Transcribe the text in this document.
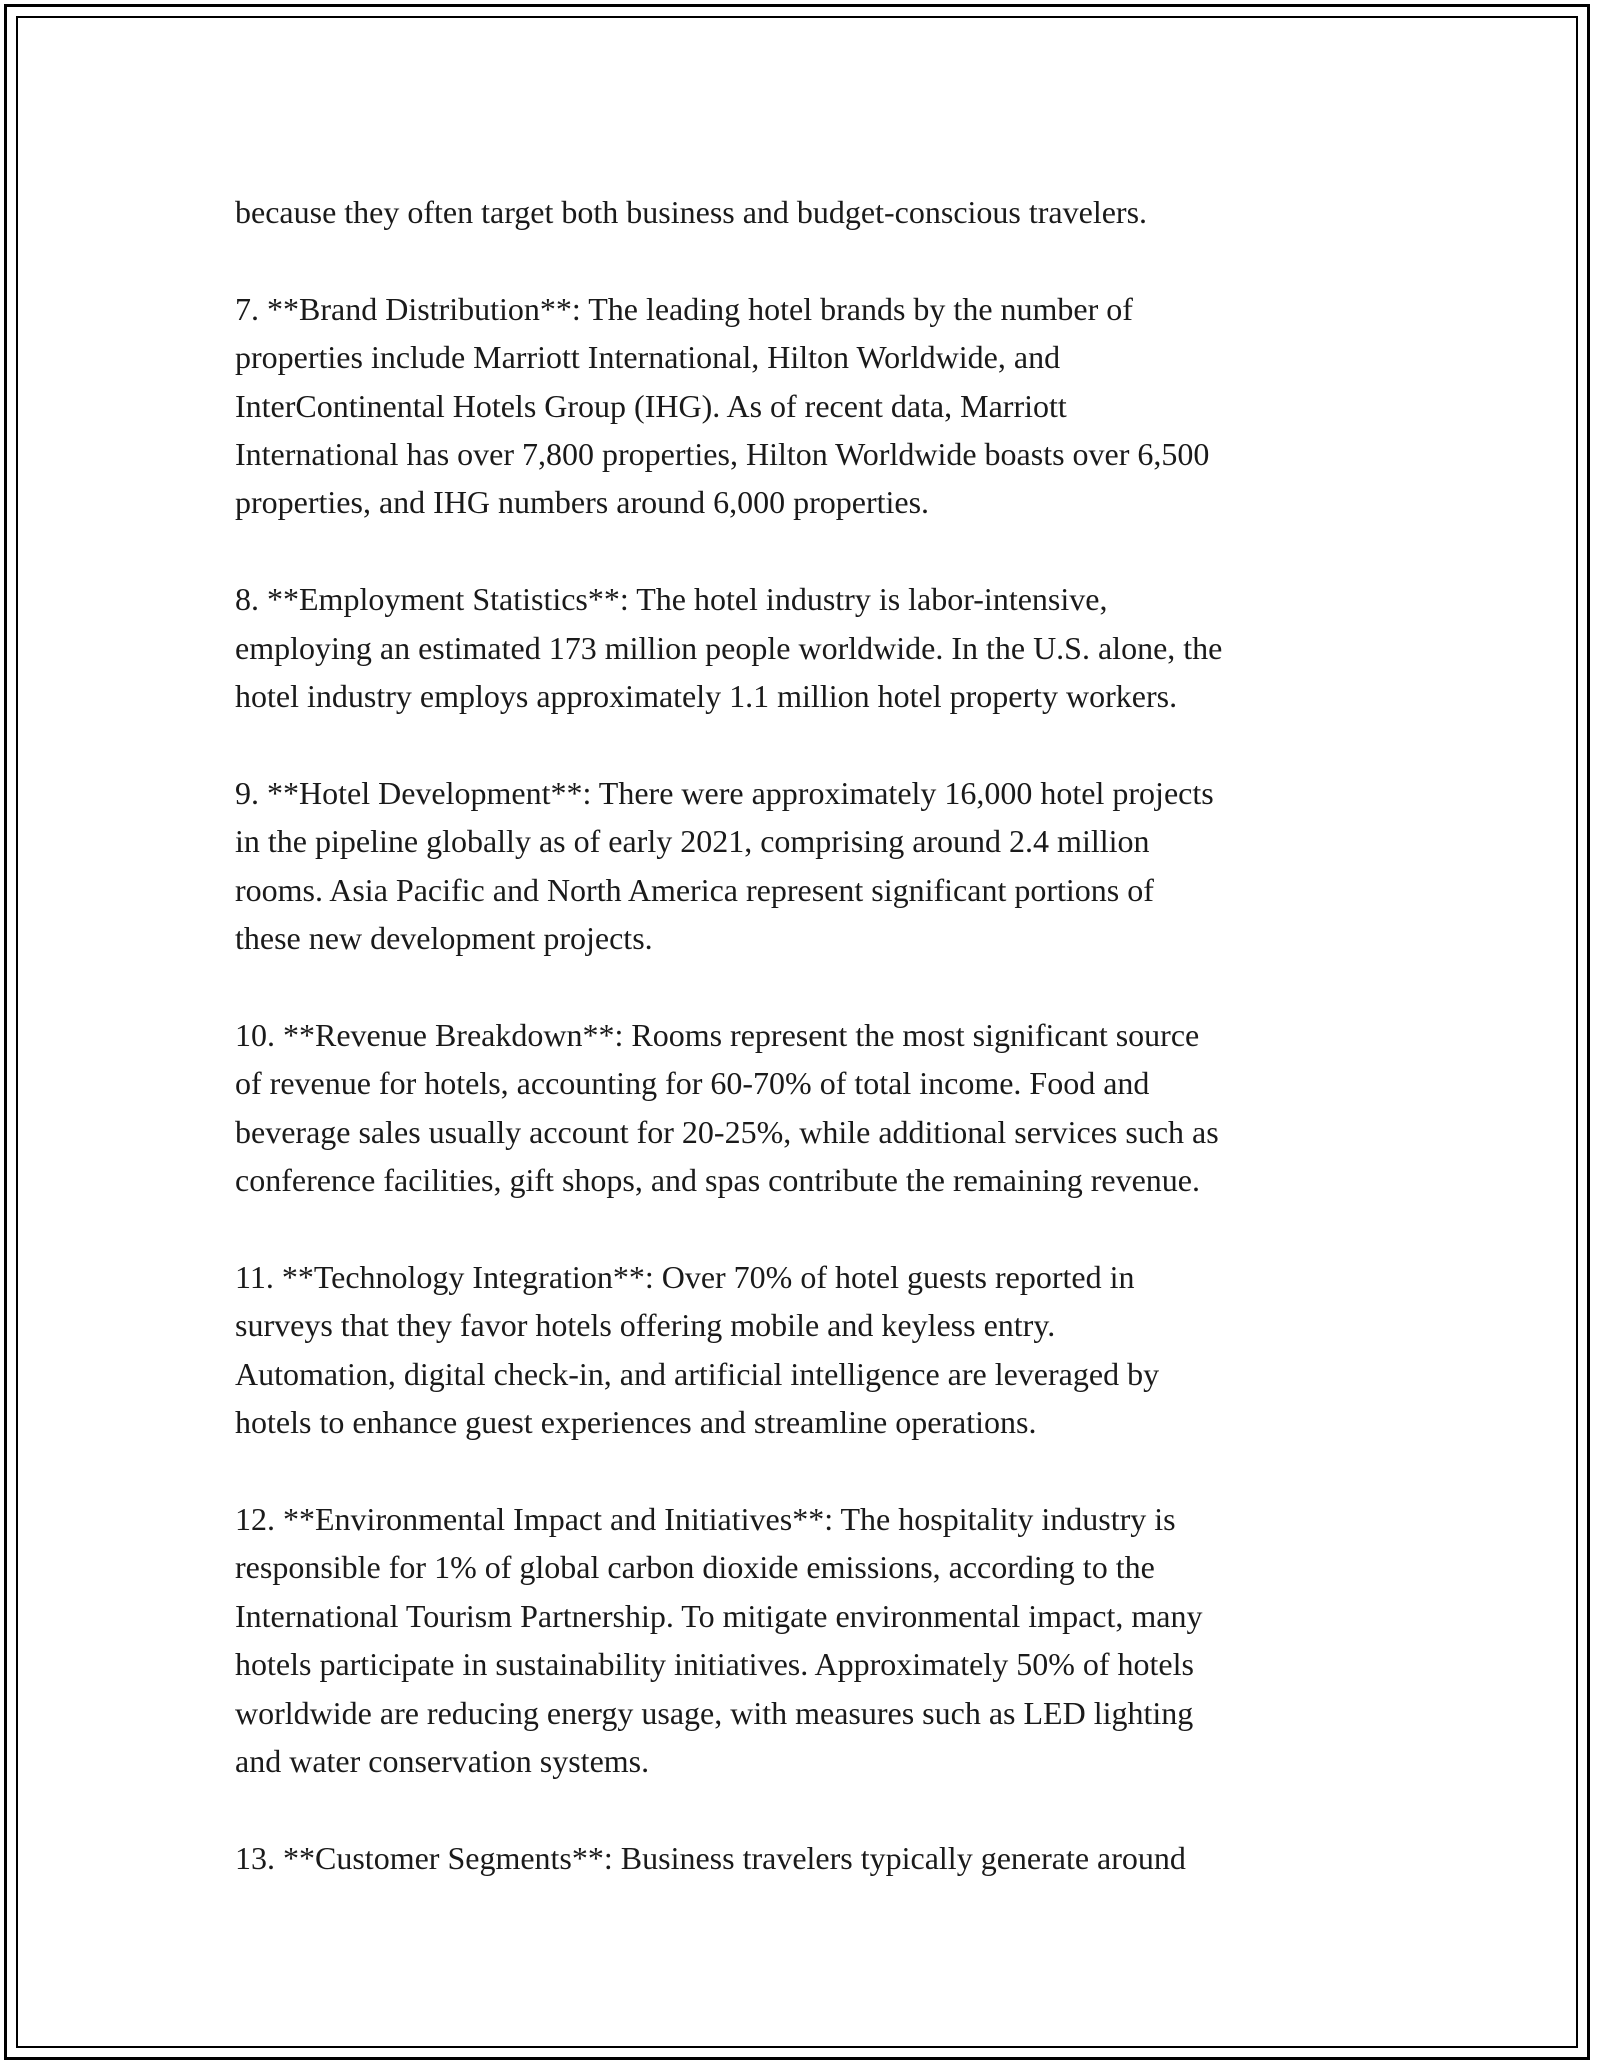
because they often target both business and budget-conscious travelers.

7. **Brand Distribution**: The leading hotel brands by the number of
properties include Marriott International, Hilton Worldwide, and
InterContinental Hotels Group (IHG). As of recent data, Marriott
International has over 7,800 properties, Hilton Worldwide boasts over 6,500
properties, and IHG numbers around 6,000 properties.

8. **Employment Statistics**: The hotel industry is labor-intensive,
employing an estimated 173 million people worldwide. In the U.S. alone, the
hotel industry employs approximately 1.1 million hotel property workers.

9. **Hotel Development**: There were approximately 16,000 hotel projects
in the pipeline globally as of early 2021, comprising around 2.4 million
rooms. Asia Pacific and North America represent significant portions of
these new development projects.

10. **Revenue Breakdown**: Rooms represent the most significant source
of revenue for hotels, accounting for 60-70% of total income. Food and
beverage sales usually account for 20-25%, while additional services such as
conference facilities, gift shops, and spas contribute the remaining revenue.

11. **Technology Integration**: Over 70% of hotel guests reported in
surveys that they favor hotels offering mobile and keyless entry.
Automation, digital check-in, and artificial intelligence are leveraged by
hotels to enhance guest experiences and streamline operations.

12. **Environmental Impact and Initiatives**: The hospitality industry is
responsible for 1% of global carbon dioxide emissions, according to the
International Tourism Partnership. To mitigate environmental impact, many
hotels participate in sustainability initiatives. Approximately 50% of hotels
worldwide are reducing energy usage, with measures such as LED lighting
and water conservation systems.

13. **Customer Segments**: Business travelers typically generate around
